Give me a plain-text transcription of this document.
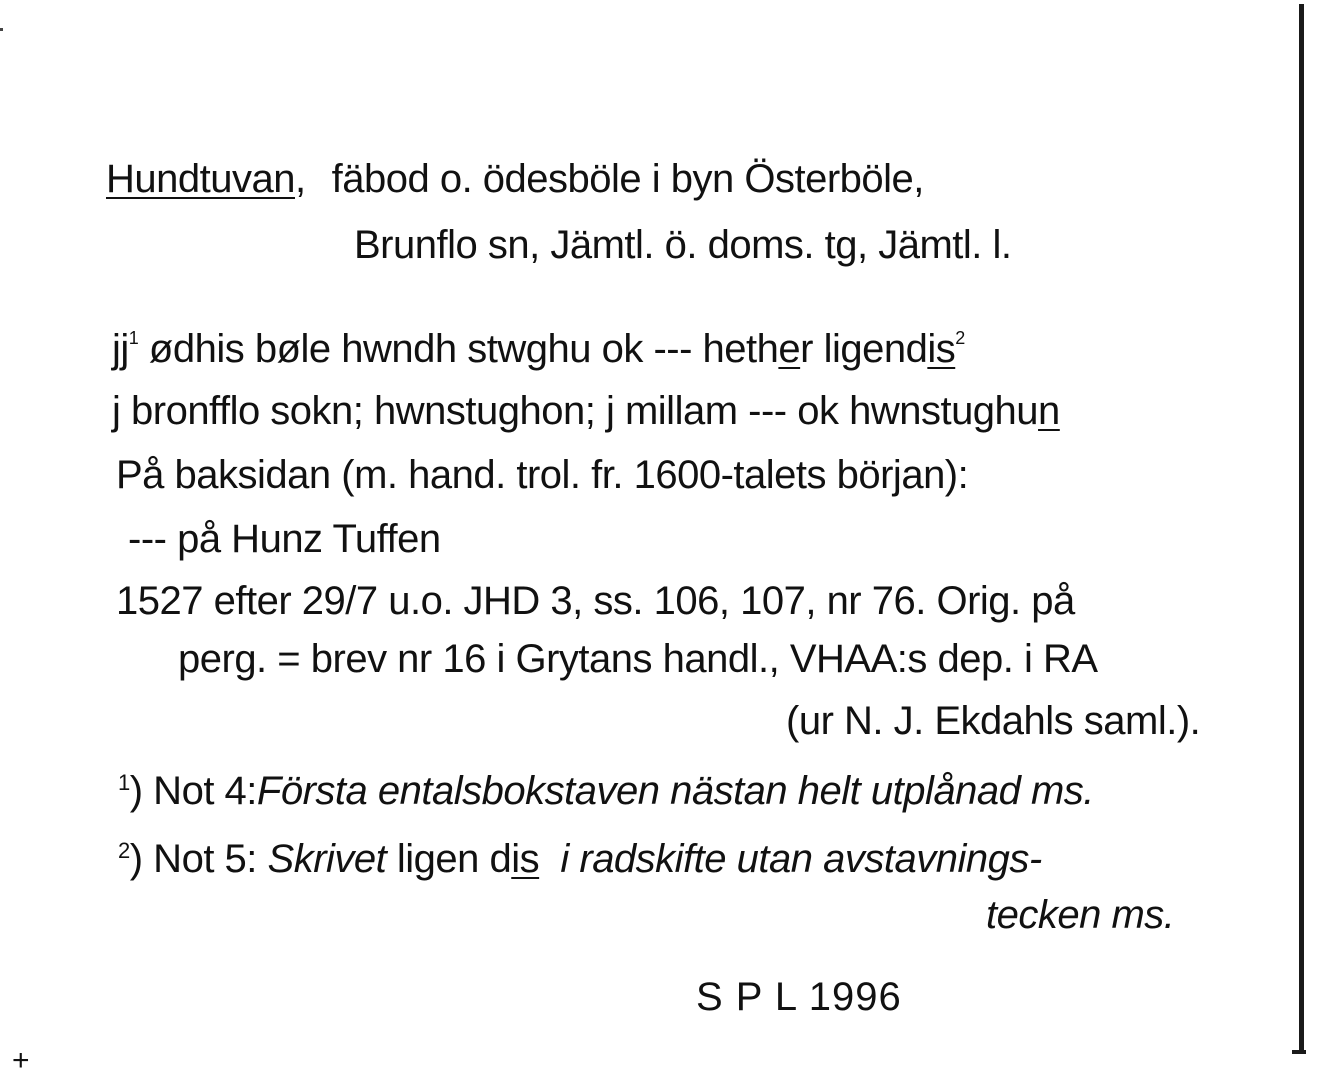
+
Hundtuvan, fäbod o. ödesböle i byn Österböle,
Brunflo sn, Jämtl. ö. doms. tg, Jämtl. l.
$jj^1$ ødhis bøle hwndh stwghu ok --- hether ligendis$^2$
j bronfflo sokn; hwnstughon; j millam --- ok hwnstughun
På baksidan (m. hand. trol. fr. 1600-talets början):
--- på Hunz Tuffen
1527 efter 29/7 u.o. JHD 3, ss. 106, 107, nr 76. Orig. på
perg. = brev nr 16 i Grytans handl., VHAA:s dep. i RA
(ur N. J. Ekdahls saml.).
$^1$) Not 4:Första entalsbokstaven nästan helt utplånad ms.
$^2$) Not 5: Skrivet ligen dis  i radskifte utan avstavnings-
tecken ms.
S P L 1996
